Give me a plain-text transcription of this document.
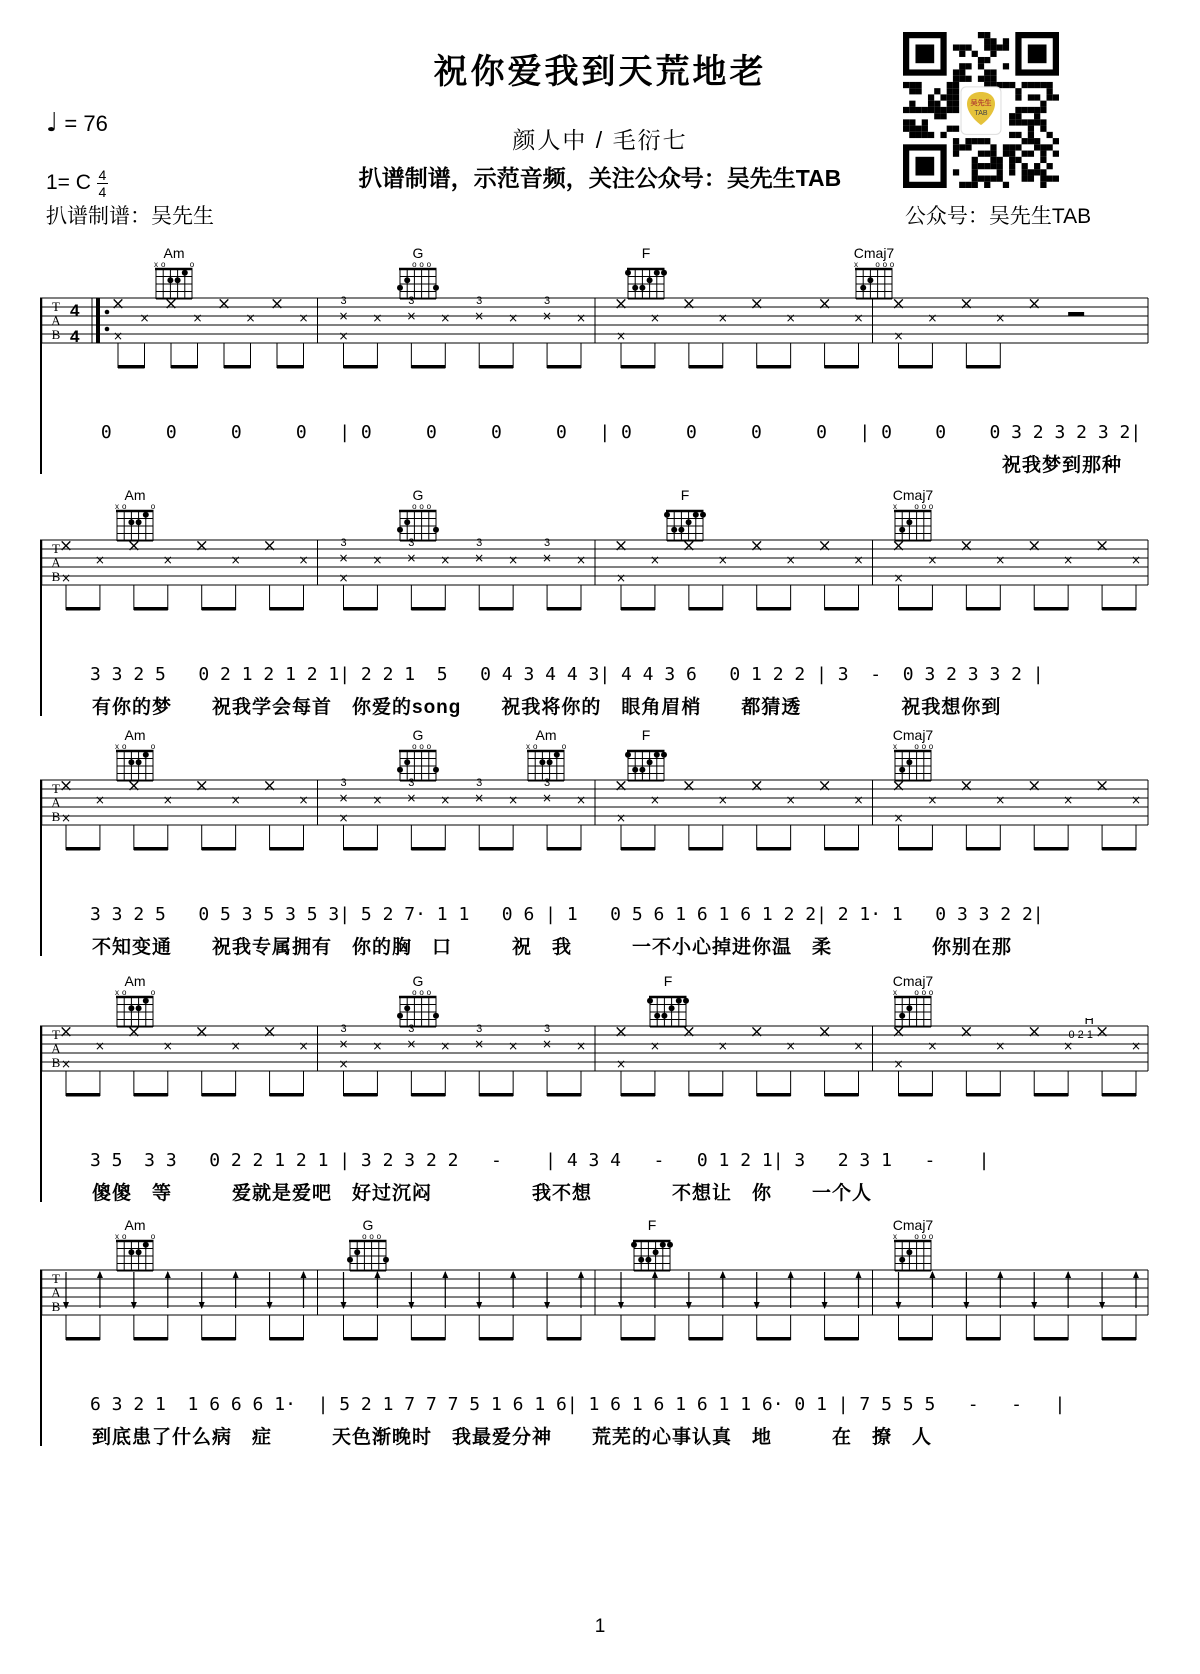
祝你爱我到天荒地老
♩ = 76
颜人中 / 毛衍七
扒谱制谱，示范音频，关注公众号：吴先生TAB
1= C $\frac{4}{4}$
扒谱制谱：吴先生
吴先生
TAB
公众号：吴先生TAB
Am
x o	o
G
o o o
F	Cmaj7
x o o o
T
A
B
4
4
×
×
×
×
×
×
×
×
×
3
×
×
×
3
× ×
3
× ×
3
× ×
×
×
×
×
×
×
×
×
×
×
×
×
×
×
×
0     0     0     0   | 0     0     0     0   | 0     0     0     0   | 0    0    0 3 2 3 2 3 2|
祝我梦到那种
Am
x o	o
G
o o o
F	Cmaj7
x o o o
T
A
B
×
×
×
×
×
×
×
×
×
3
×
×
×
3
× ×
3
× ×
3
× ×
×
×
×
×
×
×
×
×
×
×
×
×
×
×
×
×
×
×
3 3 2 5   0 2 1 2 1 2 1| 2 2 1  5   0 4 3 4 4 3| 4 4 3 6   0 1 2 2 | 3  -  0 3 2 3 3 2 |
有你的梦　　祝我学会每首　你爱的song　　祝我将你的　眼角眉梢　　都猜透　　　　　祝我想你到
Am
x o	o
G
o o o
Am
x o	o
F	Cmaj7
x o o o
T
A
B
×
×
×
×
×
×
×
×
×
3
×
×
×
3
× ×
3
× ×
3
× ×
×
×
×
×
×
×
×
×
×
×
×
×
×
×
×
×
×
×
3 3 2 5   0 5 3 5 3 5 3| 5 2 7· 1 1   0 6 | 1   0 5 6 1 6 1 6 1 2 2| 2 1· 1   0 3 3 2 2|
不知变通　　祝我专属拥有　你的胸　口　　　祝　我　　　一不小心掉进你温　柔　　　　　你别在那
Am
x o	o
G
o o o
F	Cmaj7
x o o o
T
A
B
×
×
×
×
×
×
×
×
×
3
×
×
×
3
× ×
3
× ×
3
× ×
×
×
×
×
×
×
×
×
×
×
×
×
×
×
×
×
×
×
H
0 2 1
3 5  3 3   0 2 2 1 2 1 | 3 2 3 2 2   -    | 4 3 4   -   0 1 2 1| 3   2 3 1   -    |
傻傻　等　　　爱就是爱吧　好过沉闷　　　　　我不想　　　　不想让　你　　一个人
Am
x o	o
G
o o o
F	Cmaj7
x o o o
T
A
B
6 3 2 1  1 6 6 6 1·  | 5 2 1 7 7 7 5 1 6 1 6| 1 6 1 6 1 6 1 1 6· 0 1 | 7 5 5 5   -   -   |
到底患了什么病　症　　　天色渐晚时　我最爱分神　　荒芜的心事认真　地　　　在　撩　人
1
